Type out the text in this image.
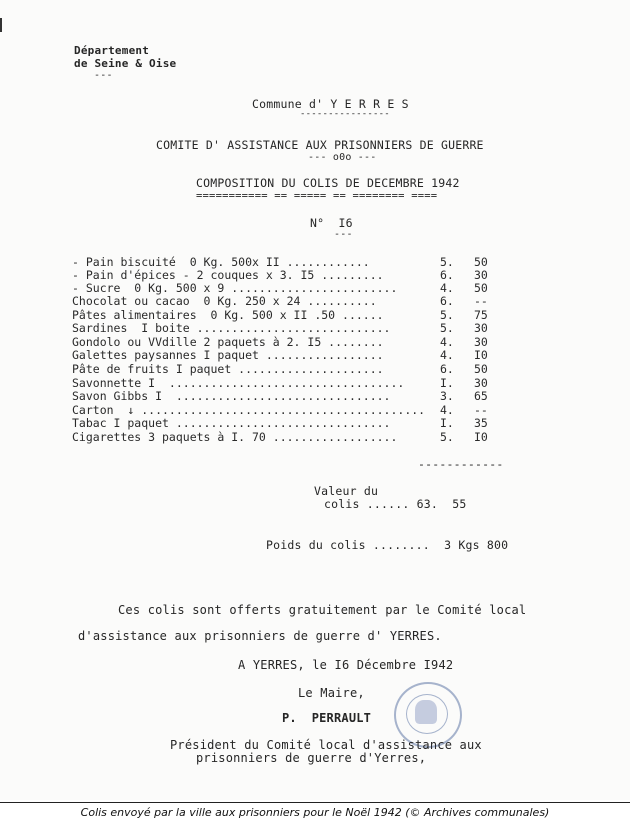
Département
de Seine & Oise
---
Commune d' Y E R R E S
----------------
COMITE D' ASSISTANCE AUX PRISONNIERS DE GUERRE
--- o0o ---
COMPOSITION DU COLIS DE DECEMBRE 1942
=========== == ===== == ======== ====
N°  I6
---
- Pain biscuité  0 Kg. 500x II ............	5.	50
- Pain d'épices - 2 couques x 3. I5 .........	6.	30
- Sucre  0 Kg. 500 x 9 ........................	4.	50
Chocolat ou cacao  0 Kg. 250 x 24 ..........	6.	--
Pâtes alimentaires  0 Kg. 500 x II .50 ......	5.	75
Sardines  I boite ............................	5.	30
Gondolo ou VVdille 2 paquets à 2. I5 ........	4.	30
Galettes paysannes I paquet .................	4.	I0
Pâte de fruits I paquet .....................	6.	50
Savonnette I  ..................................	I.	30
Savon Gibbs I  ...............................	3.	65
Carton  ↓ ......................................... 4.	--
Tabac I paquet ...............................	I.	35
Cigarettes 3 paquets à I. 70 ..................	5.	I0
------------
Valeur du
colis ...... 63.  55
Poids du colis ........  3 Kgs 800
Ces colis sont offerts gratuitement par le Comité local
d'assistance aux prisonniers de guerre d' YERRES.
A YERRES, le I6 Décembre I942
Le Maire,
P.  PERRAULT
Président du Comité local d'assistance aux
prisonniers de guerre d'Yerres,
Colis envoyé par la ville aux prisonniers pour le Noël 1942 (© Archives communales)
